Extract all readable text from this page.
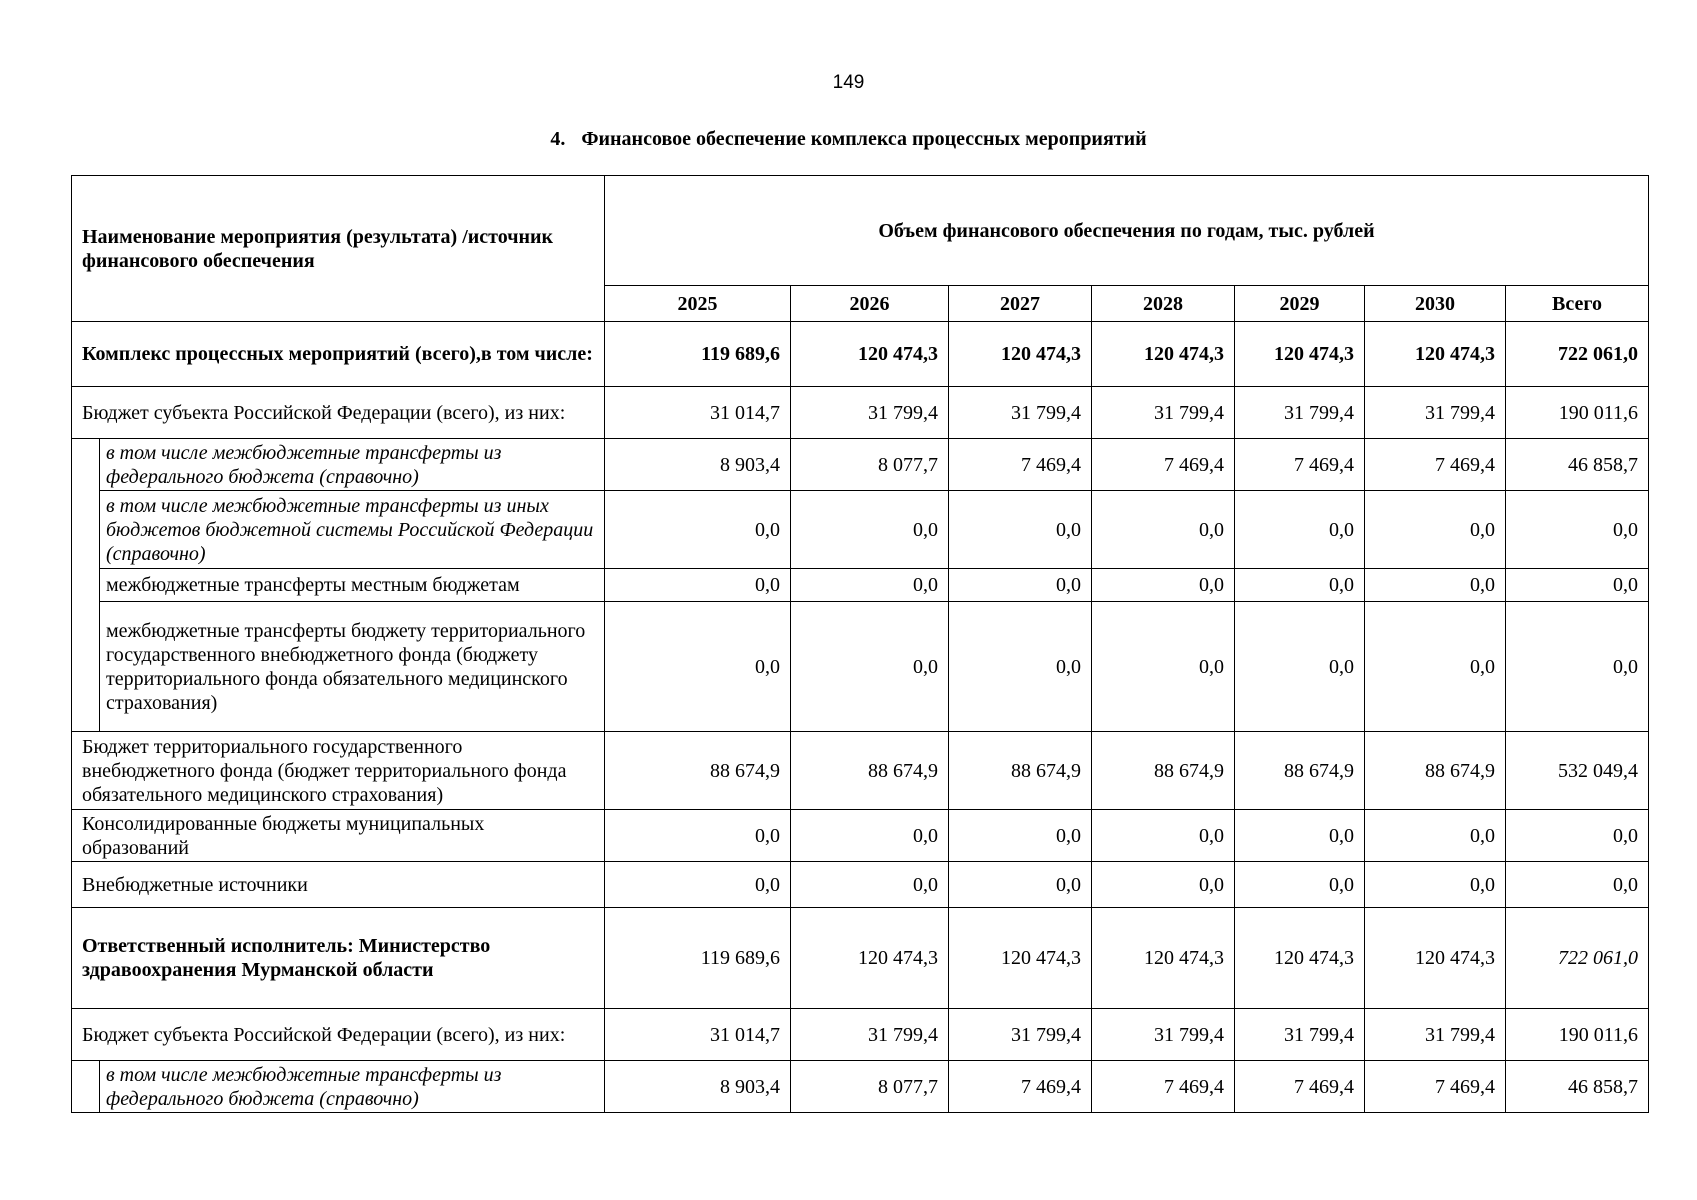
149
4. Финансовое обеспечение комплекса процессных мероприятий
Наименование мероприятия (результата) /источник финансового обеспечения		Объем финансового обеспечения по годам, тыс. рублей						
		2025	2026	2027	2028	2029	2030	Всего
Комплекс процессных мероприятий (всего),в том числе:		119 689,6	120 474,3	120 474,3	120 474,3	120 474,3	120 474,3	722 061,0
Бюджет субъекта Российской Федерации (всего), из них:		31 014,7	31 799,4	31 799,4	31 799,4	31 799,4	31 799,4	190 011,6
	в том числе межбюджетные трансферты из федерального бюджета (справочно)	8 903,4	8 077,7	7 469,4	7 469,4	7 469,4	7 469,4	46 858,7
	в том числе межбюджетные трансферты из иных бюджетов бюджетной системы Российской Федерации (справочно)	0,0	0,0	0,0	0,0	0,0	0,0	0,0
	межбюджетные трансферты местным бюджетам	0,0	0,0	0,0	0,0	0,0	0,0	0,0
	межбюджетные трансферты бюджету территориального государственного внебюджетного фонда (бюджету территориального фонда обязательного медицинского страхования)	0,0	0,0	0,0	0,0	0,0	0,0	0,0
Бюджет территориального государственного внебюджетного фонда (бюджет территориального фонда обязательного медицинского страхования)		88 674,9	88 674,9	88 674,9	88 674,9	88 674,9	88 674,9	532 049,4
Консолидированные бюджеты муниципальных образований		0,0	0,0	0,0	0,0	0,0	0,0	0,0
Внебюджетные источники		0,0	0,0	0,0	0,0	0,0	0,0	0,0
Ответственный исполнитель: Министерство здравоохранения Мурманской области		119 689,6	120 474,3	120 474,3	120 474,3	120 474,3	120 474,3	722 061,0
Бюджет субъекта Российской Федерации (всего), из них:		31 014,7	31 799,4	31 799,4	31 799,4	31 799,4	31 799,4	190 011,6
	в том числе межбюджетные трансферты из федерального бюджета (справочно)	8 903,4	8 077,7	7 469,4	7 469,4	7 469,4	7 469,4	46 858,7
